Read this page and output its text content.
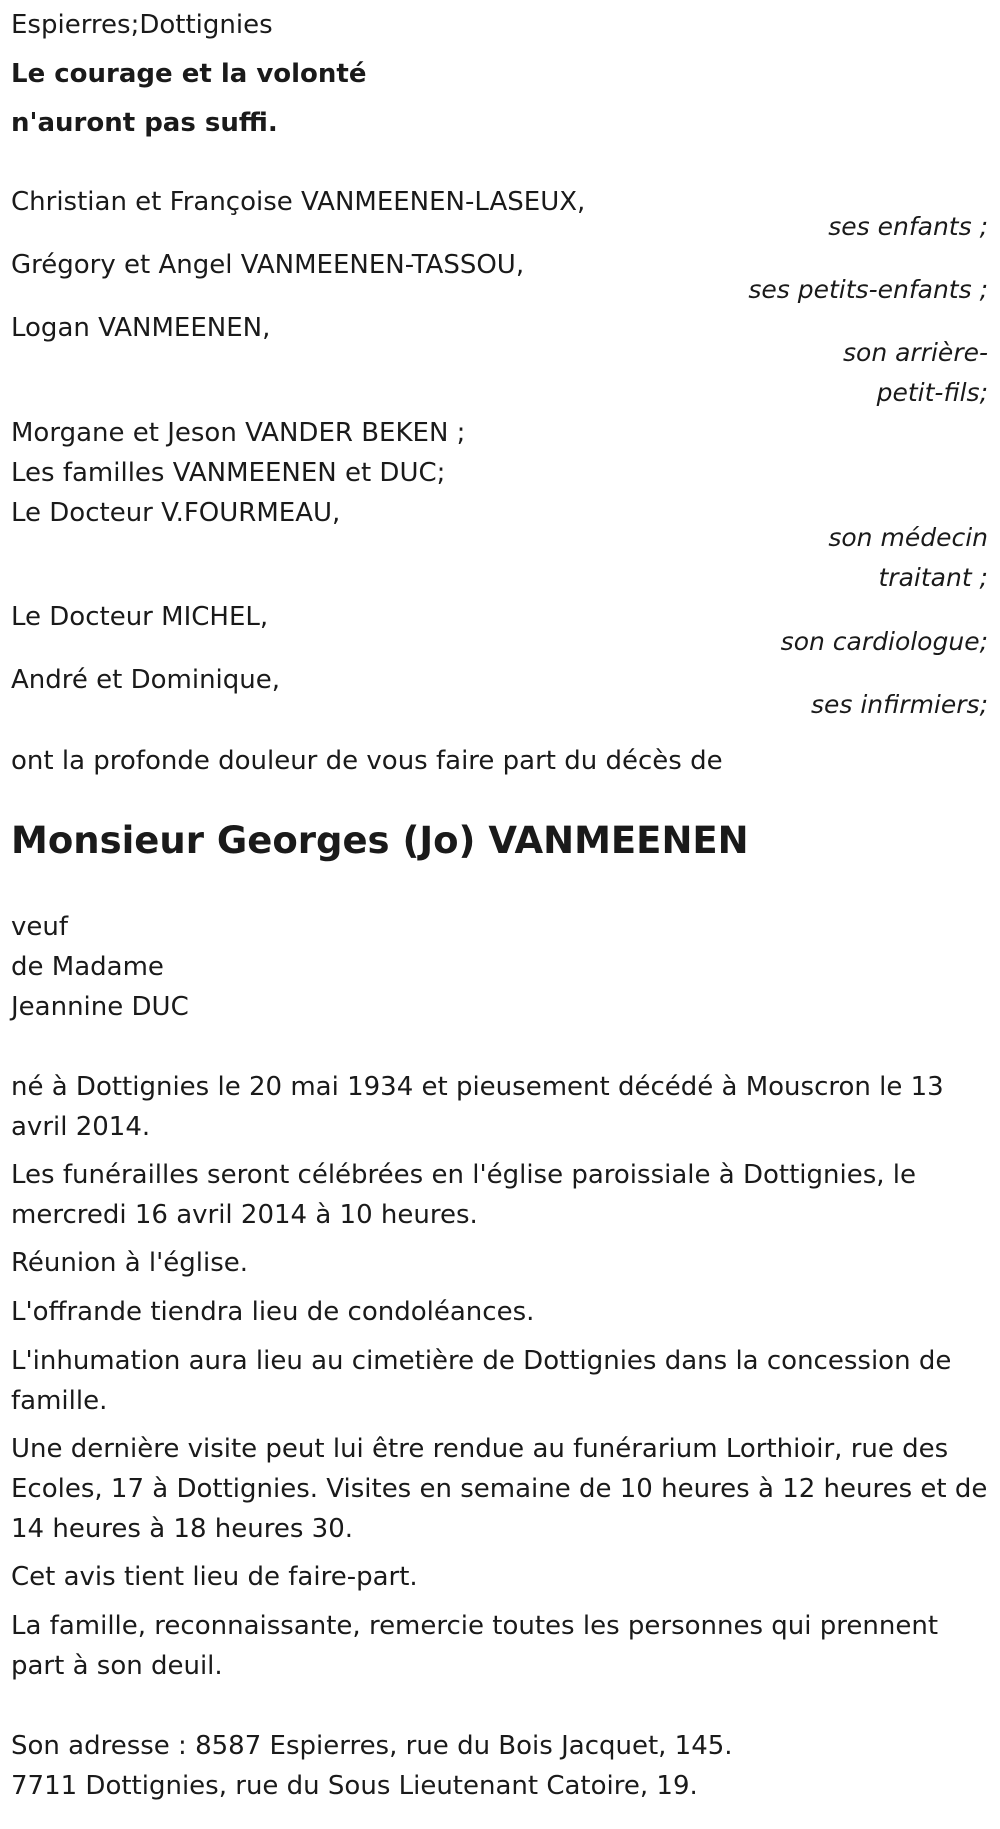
Espierres;Dottignies
Le courage et la volonté
n'auront pas suffi.
Christian et Françoise VANMEENEN-LASEUX,
ses enfants ;
Grégory et Angel VANMEENEN-TASSOU,
ses petits-enfants ;
Logan VANMEENEN,
son arrière-
petit-fils;
Morgane et Jeson VANDER BEKEN ;
Les familles VANMEENEN et DUC;
Le Docteur V.FOURMEAU,
son médecin
traitant ;
Le Docteur MICHEL,
son cardiologue;
André et Dominique,
ses infirmiers;
ont la profonde douleur de vous faire part du décès de
Monsieur Georges (Jo) VANMEENEN
veuf
de Madame
Jeannine DUC
né à Dottignies le 20 mai 1934 et pieusement décédé à Mouscron le 13 avril 2014.
Les funérailles seront célébrées en l'église paroissiale à Dottignies, le mercredi 16 avril 2014 à 10 heures.
Réunion à l'église.
L'offrande tiendra lieu de condoléances.
L'inhumation aura lieu au cimetière de Dottignies dans la concession de famille.
Une dernière visite peut lui être rendue au funérarium Lorthioir, rue des Ecoles, 17 à Dottignies. Visites en semaine de 10 heures à 12 heures et de 14 heures à 18 heures 30.
Cet avis tient lieu de faire-part.
La famille, reconnaissante, remercie toutes les personnes qui prennent part à son deuil.
Son adresse : 8587 Espierres, rue du Bois Jacquet, 145.
7711 Dottignies, rue du Sous Lieutenant Catoire, 19.
